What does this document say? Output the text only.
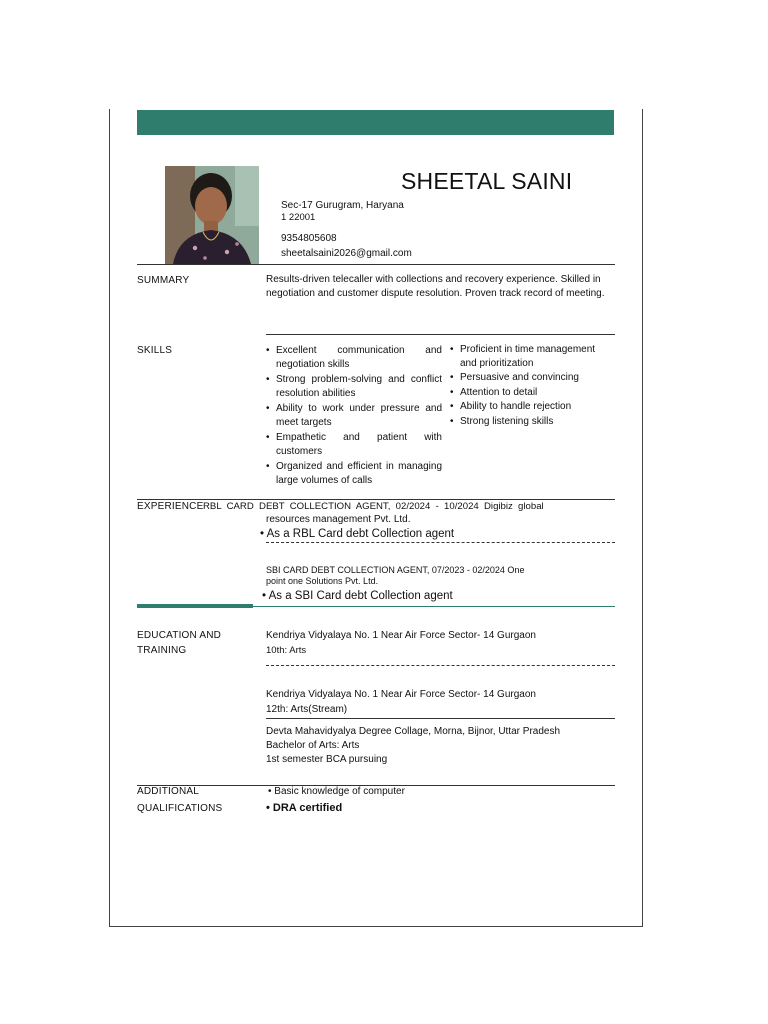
SHEETAL SAINI
Sec-17 Gurugram, Haryana
1 22001
9354805608
sheetalsaini2026@gmail.com
SUMMARY	Results-driven telecaller with collections and recovery experience. Skilled in negotiation and customer dispute resolution. Proven track record of meeting.
SKILLS
•	Excellent communication and negotiation skills
• Strong problem-solving and conflict resolution abilities
• Ability to work under pressure and meet targets
• Empathetic and patient with customers
• Organized and efficient in managing large volumes of calls
• Proficient in time management and prioritization
• Persuasive and convincing
• Attention to detail
• Ability to handle rejection
• Strong listening skills
EXPERIENCE RBL CARD DEBT COLLECTION AGENT, 02/2024 - 10/2024 Digibiz global
resources management Pvt. Ltd.
• As a RBL Card debt Collection agent
SBI CARD DEBT COLLECTION AGENT, 07/2023 - 02/2024 One
point one Solutions Pvt. Ltd.
• As a SBI Card debt Collection agent
EDUCATION AND
TRAINING
Kendriya Vidyalaya No. 1 Near Air Force Sector- 14 Gurgaon
10th: Arts
Kendriya Vidyalaya No. 1 Near Air Force Sector- 14 Gurgaon
12th: Arts(Stream)
Devta Mahavidyalya Degree Collage, Morna, Bijnor, Uttar Pradesh
Bachelor of Arts: Arts
1st semester BCA pursuing
ADDITIONAL
QUALIFICATIONS
• Basic knowledge of computer
• DRA certified
